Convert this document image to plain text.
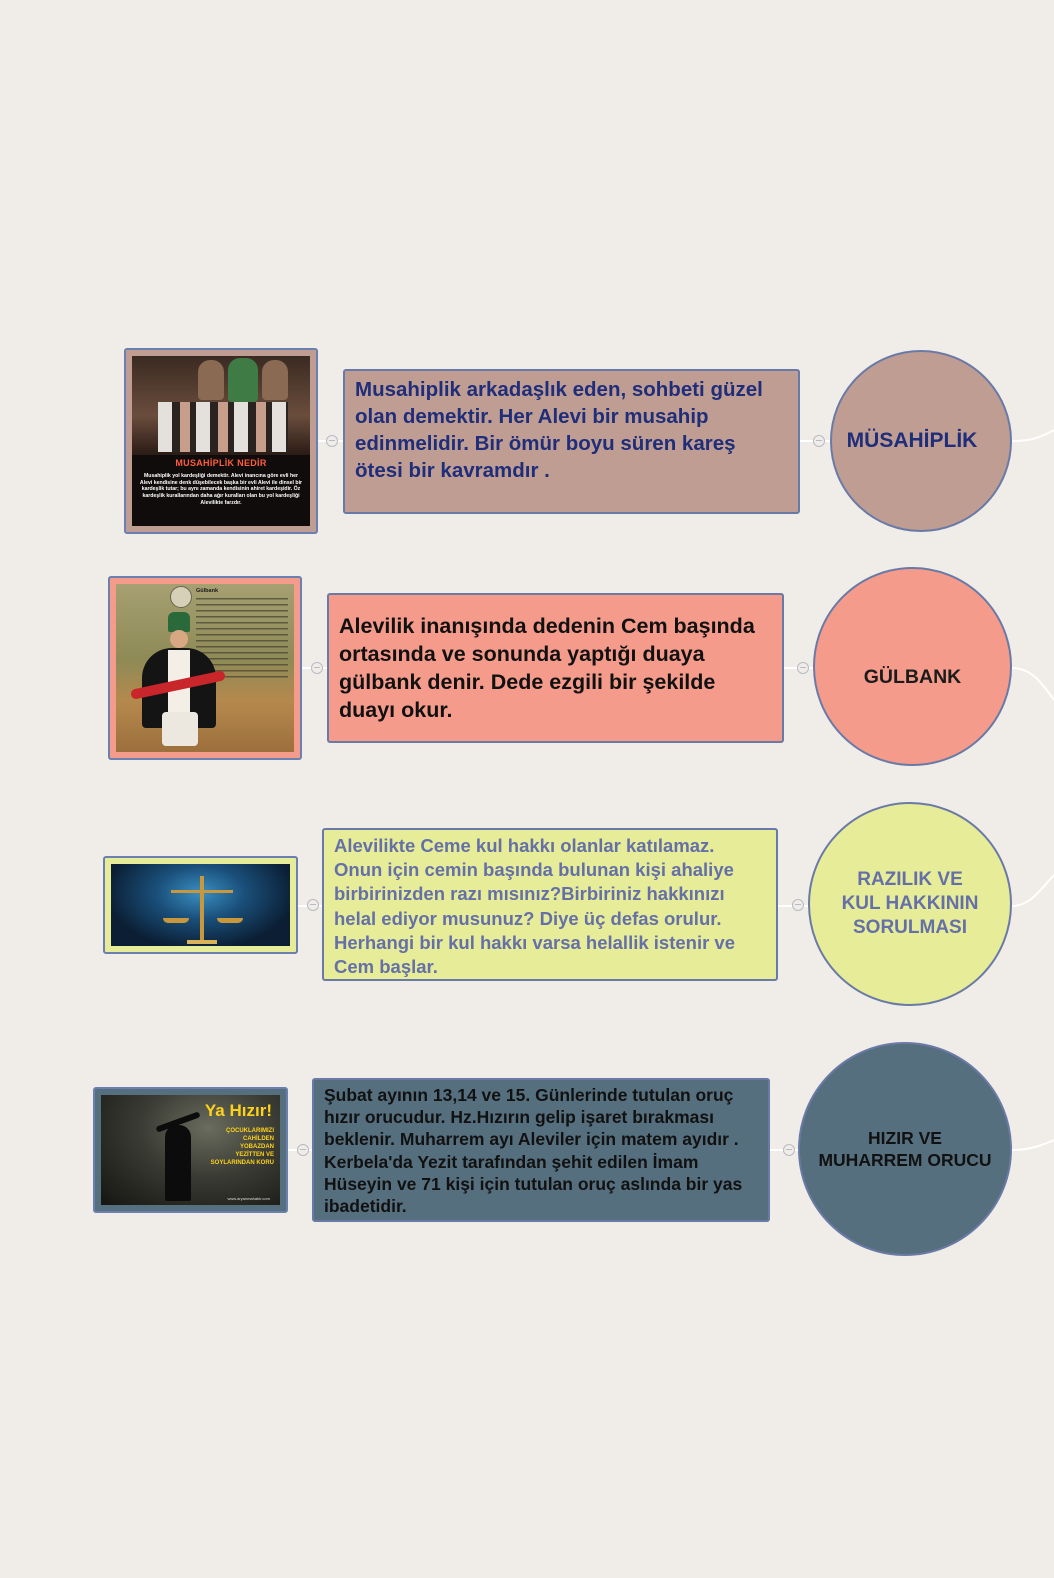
MUSAHİPLİK NEDİR
Musahiplik yol kardeşliği demektir. Alevi inancına göre evli her Alevi kendisine denk düşebilecek başka bir evli Alevi ile dinsel bir kardeşlik tutar; bu aynı zamanda kendisinin ahiret kardeşidir. Öz kardeşlik kurallarından daha ağır kuralları olan bu yol kardeşliği Alevilikte farzdır.
Musahiplik arkadaşlık eden, sohbeti güzel olan demektir. Her Alevi bir musahip edinmelidir. Bir ömür boyu süren kareş ötesi bir kavramdır .
MÜSAHİPLİK
Gülbank
Alevilik inanışında dedenin Cem başında ortasında ve sonunda yaptığı duaya gülbank denir. Dede ezgili bir şekilde duayı okur.
GÜLBANK
Alevilikte Ceme kul hakkı olanlar katılamaz. Onun için cemin başında bulunan kişi ahaliye birbirinizden razı mısınız?Birbiriniz hakkınızı helal ediyor musunuz? Diye üç defas orulur. Herhangi bir kul hakkı varsa helallik istenir ve Cem başlar.
RAZILIK VE KUL HAKKININ SORULMASI
Ya Hızır!
ÇOCUKLARIMIZI CAHİLDEN YOBAZDAN YEZİTTEN VE SOYLARINDAN KORU
www.aryanmahabir.com
Şubat ayının 13,14 ve 15. Günlerinde tutulan oruç hızır orucudur. Hz.Hızırın gelip işaret bırakması beklenir. Muharrem ayı Aleviler için matem ayıdır . Kerbela'da Yezit tarafından şehit edilen İmam Hüseyin ve 71 kişi için tutulan oruç aslında bir yas ibadetidir.
HIZIR VE MUHARREM ORUCU
